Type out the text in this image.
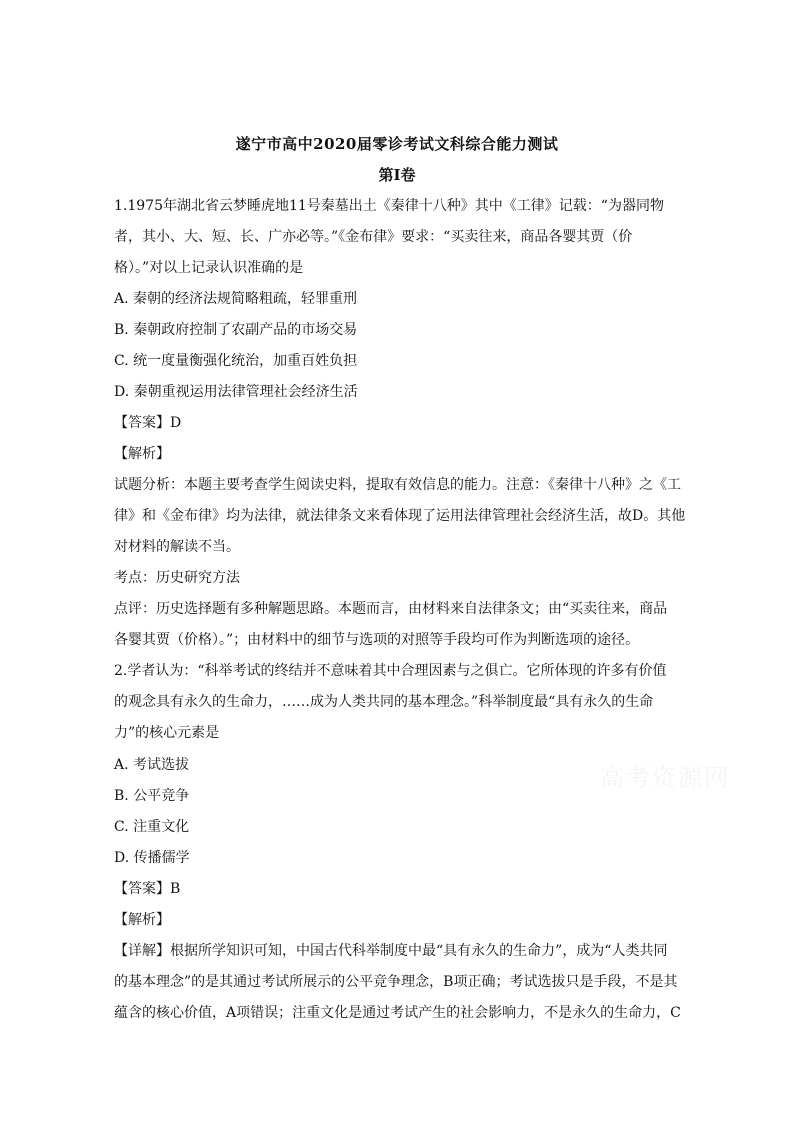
遂宁市高中2020届零诊考试文科综合能力测试
第Ⅰ卷
1.1975年湖北省云梦睡虎地11号秦墓出土《秦律十八种》其中《工律》记载：“为器同物
者，其小、大、短、长、广亦必等。”《金布律》要求：“买卖往来，商品各婴其贾（价
格）。”对以上记录认识准确的是
A. 秦朝的经济法规简略粗疏，轻罪重刑
B. 秦朝政府控制了农副产品的市场交易
C. 统一度量衡强化统治，加重百姓负担
D. 秦朝重视运用法律管理社会经济生活
【答案】D
【解析】
试题分析：本题主要考查学生阅读史料，提取有效信息的能力。注意：《秦律十八种》之《工
律》和《金布律》均为法律，就法律条文来看体现了运用法律管理社会经济生活，故D。其他
对材料的解读不当。
考点：历史研究方法
点评：历史选择题有多种解题思路。本题而言，由材料来自法律条文；由“买卖往来，商品
各婴其贾（价格）。”；由材料中的细节与选项的对照等手段均可作为判断选项的途径。
2.学者认为：“科举考试的终结并不意味着其中合理因素与之俱亡。它所体现的许多有价值
的观念具有永久的生命力，……成为人类共同的基本理念。”科举制度最“具有永久的生命
力”的核心元素是
A. 考试选拔
B. 公平竞争
C. 注重文化
D. 传播儒学
【答案】B
【解析】
【详解】根据所学知识可知，中国古代科举制度中最“具有永久的生命力”，成为“人类共同
的基本理念”的是其通过考试所展示的公平竞争理念，B项正确；考试选拔只是手段，不是其
蕴含的核心价值，A项错误；注重文化是通过考试产生的社会影响力，不是永久的生命力，C
高考资源网
